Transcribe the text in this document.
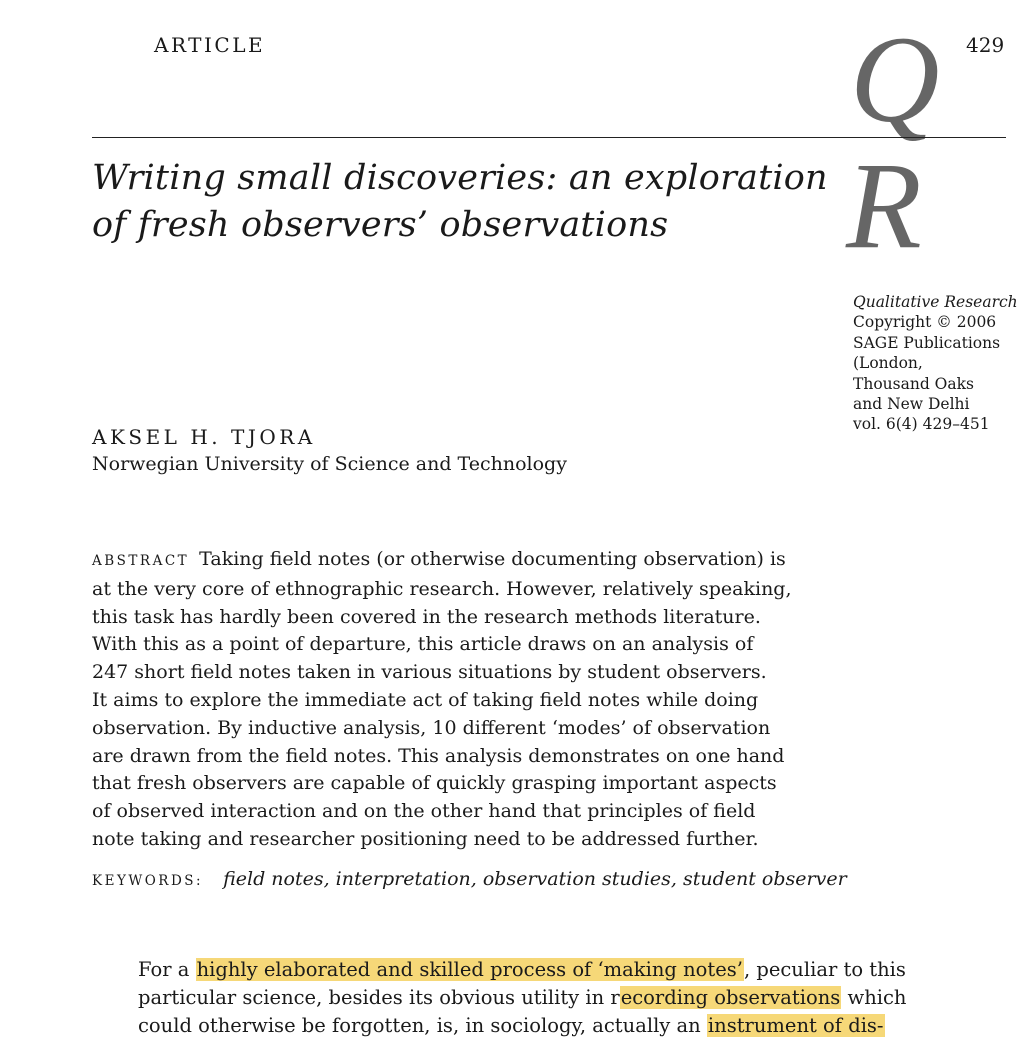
ARTICLE	429
Q
R
Writing small discoveries: an exploration
of fresh observers’ observations
Qualitative Research
Copyright © 2006
SAGE Publications
(London,
Thousand Oaks
and New Delhi
vol. 6(4) 429–451
AKSEL H. TJORA
Norwegian University of Science and Technology
ABSTRACT Taking field notes (or otherwise documenting observation) is
at the very core of ethnographic research. However, relatively speaking,
this task has hardly been covered in the research methods literature.
With this as a point of departure, this article draws on an analysis of
247 short field notes taken in various situations by student observers.
It aims to explore the immediate act of taking field notes while doing
observation. By inductive analysis, 10 different ‘modes’ of observation
are drawn from the field notes. This analysis demonstrates on one hand
that fresh observers are capable of quickly grasping important aspects
of observed interaction and on the other hand that principles of field
note taking and researcher positioning need to be addressed further.
KEYWORDS: field notes, interpretation, observation studies, student observer
For a highly elaborated and skilled process of ‘making notes’, peculiar to this
particular science, besides its obvious utility in recording observations which
could otherwise be forgotten, is, in sociology, actually an instrument of dis-
